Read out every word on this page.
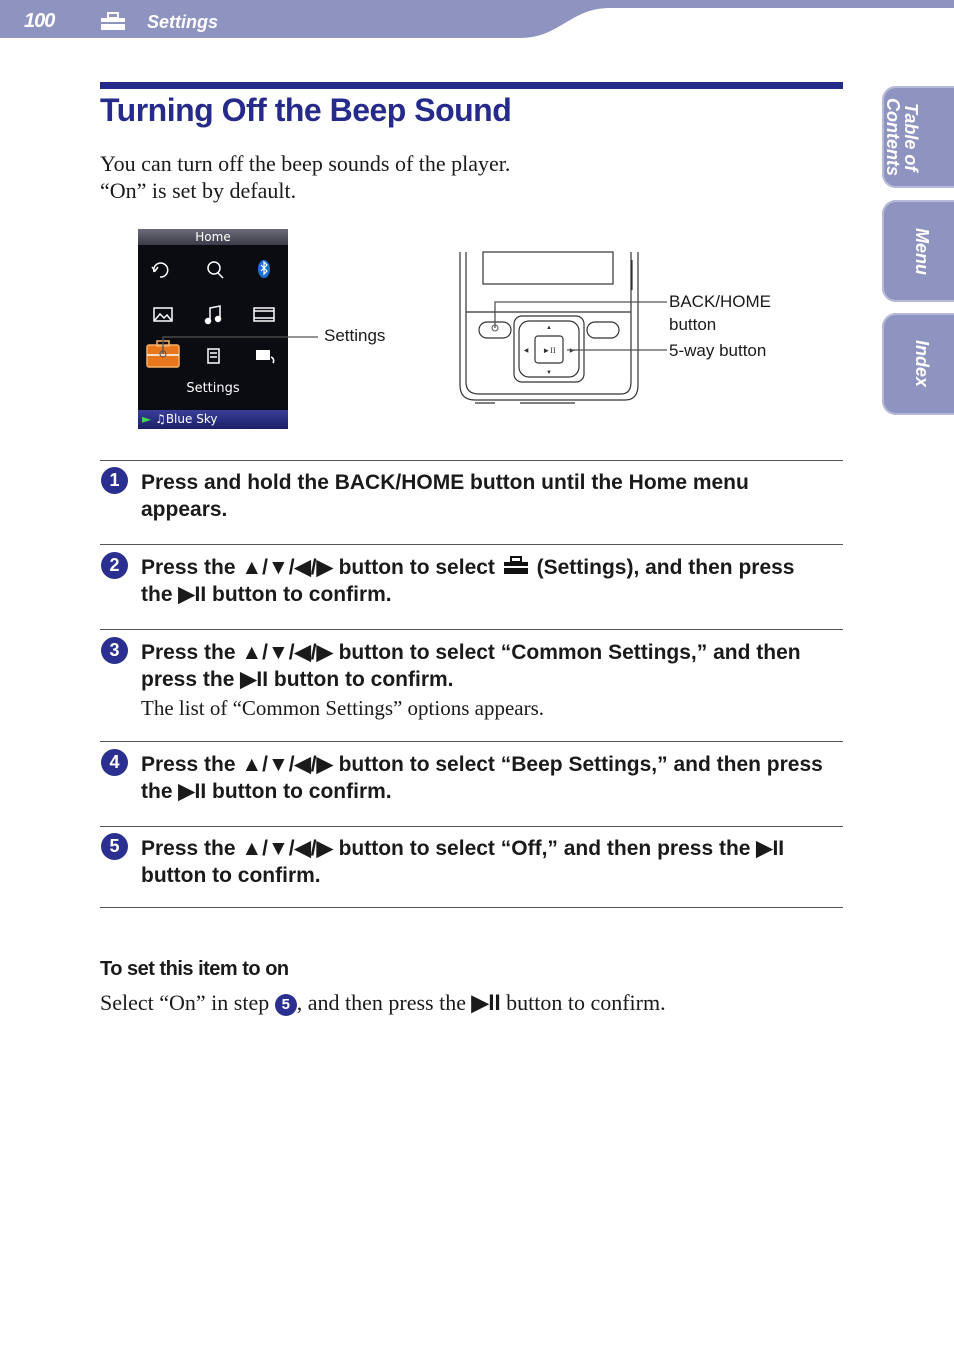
100	Settings
Table of Contents
Menu
Index
Turning Off the Beep Sound
You can turn off the beep sounds of the player.
“On” is set by default.
Home
Settings
► ♫Blue Sky
Settings	▲
▼
◀	▶
►II
BACK/HOME
button
5-way button
1	Press and hold the BACK/HOME button until the Home menu
appears.
2	Press the ▲/▼/◀/▶ button to select (Settings), and then press
the ▶II button to confirm.
3	Press the ▲/▼/◀/▶ button to select “Common Settings,” and then
press the ▶II button to confirm.
The list of “Common Settings” options appears.
4	Press the ▲/▼/◀/▶ button to select “Beep Settings,” and then press
the ▶II button to confirm.
5	Press the ▲/▼/◀/▶ button to select “Off,” and then press the ▶II
button to confirm.
To set this item to on
Select “On” in step 5 , and then press the ▶II button to confirm.
